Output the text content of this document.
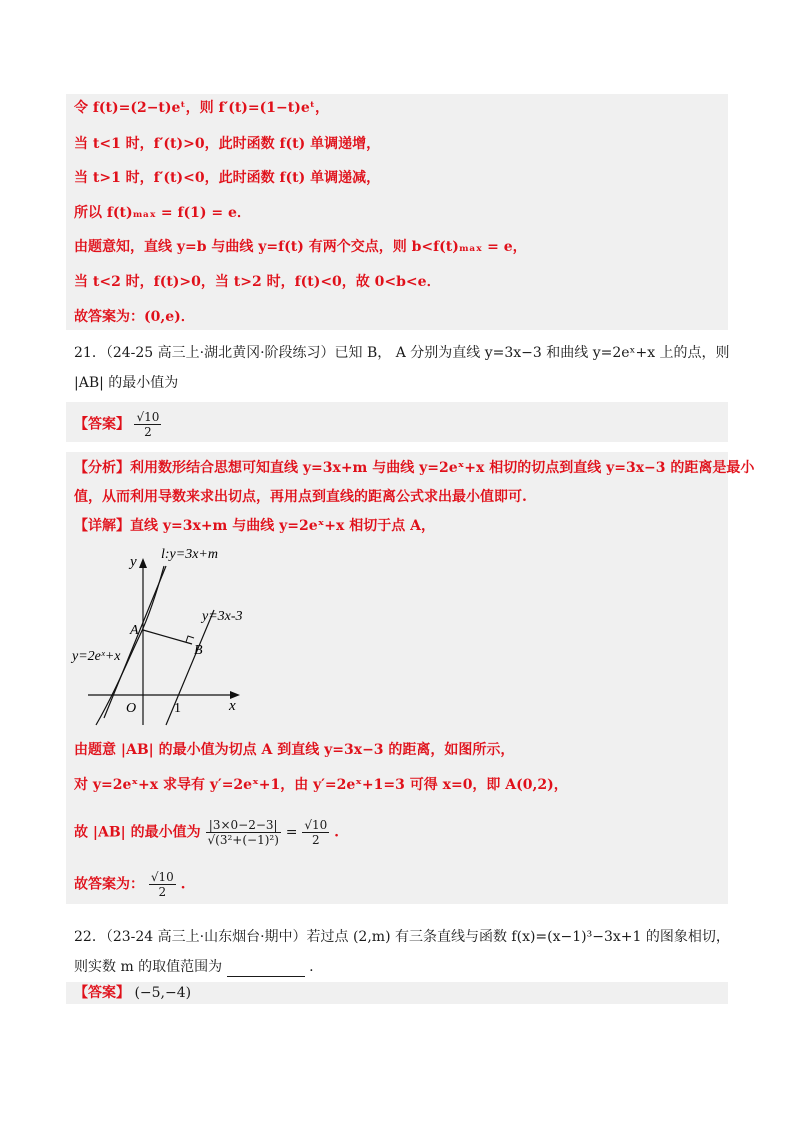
令 f(t)=(2−t)eᵗ，则 f′(t)=(1−t)eᵗ，
当 t<1 时，f′(t)>0，此时函数 f(t) 单调递增，
当 t>1 时，f′(t)<0，此时函数 f(t) 单调递减，
所以 f(t)ₘₐₓ = f(1) = e．
由题意知，直线 y=b 与曲线 y=f(t) 有两个交点，则 b<f(t)ₘₐₓ = e，
当 t<2 时，f(t)>0，当 t>2 时，f(t)<0，故 0<b<e．
故答案为：(0,e)．
21．（24-25 高三上·湖北黄冈·阶段练习）已知 B， A 分别为直线 y=3x−3 和曲线 y=2eˣ+x 上的点，则
|AB| 的最小值为
【答案】 $\frac{√10}{2}$
【分析】利用数形结合思想可知直线 y=3x+m 与曲线 y=2eˣ+x 相切的切点到直线 y=3x−3 的距离是最小
值，从而利用导数来求出切点，再用点到直线的距离公式求出最小值即可.
【详解】直线 y=3x+m 与曲线 y=2eˣ+x 相切于点 A，
y
x
l:y=3x+m
y=3x-3
y=2eˣ+x
A
B
O	1
由题意 |AB| 的最小值为切点 A 到直线 y=3x−3 的距离，如图所示，
对 y=2eˣ+x 求导有 y′=2eˣ+1，由 y′=2eˣ+1=3 可得 x=0，即 A(0,2)，
故 |AB| 的最小值为 $\frac{|3\times 0-2-3|}{\text{√(3²+(−1)²)}} = \frac{√10}{2}$ .
故答案为： $\frac{√10}{2}$ .
22．（23-24 高三上·山东烟台·期中）若过点 (2,m) 有三条直线与函数 f(x)=(x−1)³−3x+1 的图象相切，
则实数 m 的取值范围为	.
【答案】 (−5,−4)
